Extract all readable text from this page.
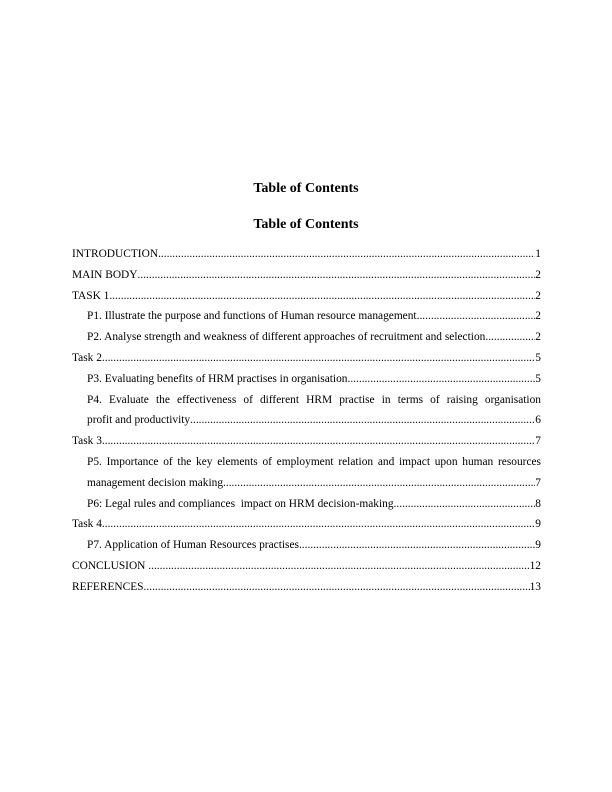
Table of Contents
Table of Contents
INTRODUCTION .....	1
MAIN BODY .....	2
TASK 1 .....	2
P1. Illustrate the purpose and functions of Human resource management .....	2
P2. Analyse strength and weakness of different approaches of recruitment and selection .....	2
Task 2 .....	5
P3. Evaluating benefits of HRM practises in organisation .....	5
P4. Evaluate the effectiveness of different HRM practise in terms of raising organisation
profit and productivity .....	6
Task 3 .....	7
P5. Importance of the key elements of employment relation and impact upon human resources
management decision making .....	7
P6: Legal rules and compliances  impact on HRM decision-making .....	8
Task 4 .....	9
P7. Application of Human Resources practises .....	9
CONCLUSION .....	12
REFERENCES .....	13
